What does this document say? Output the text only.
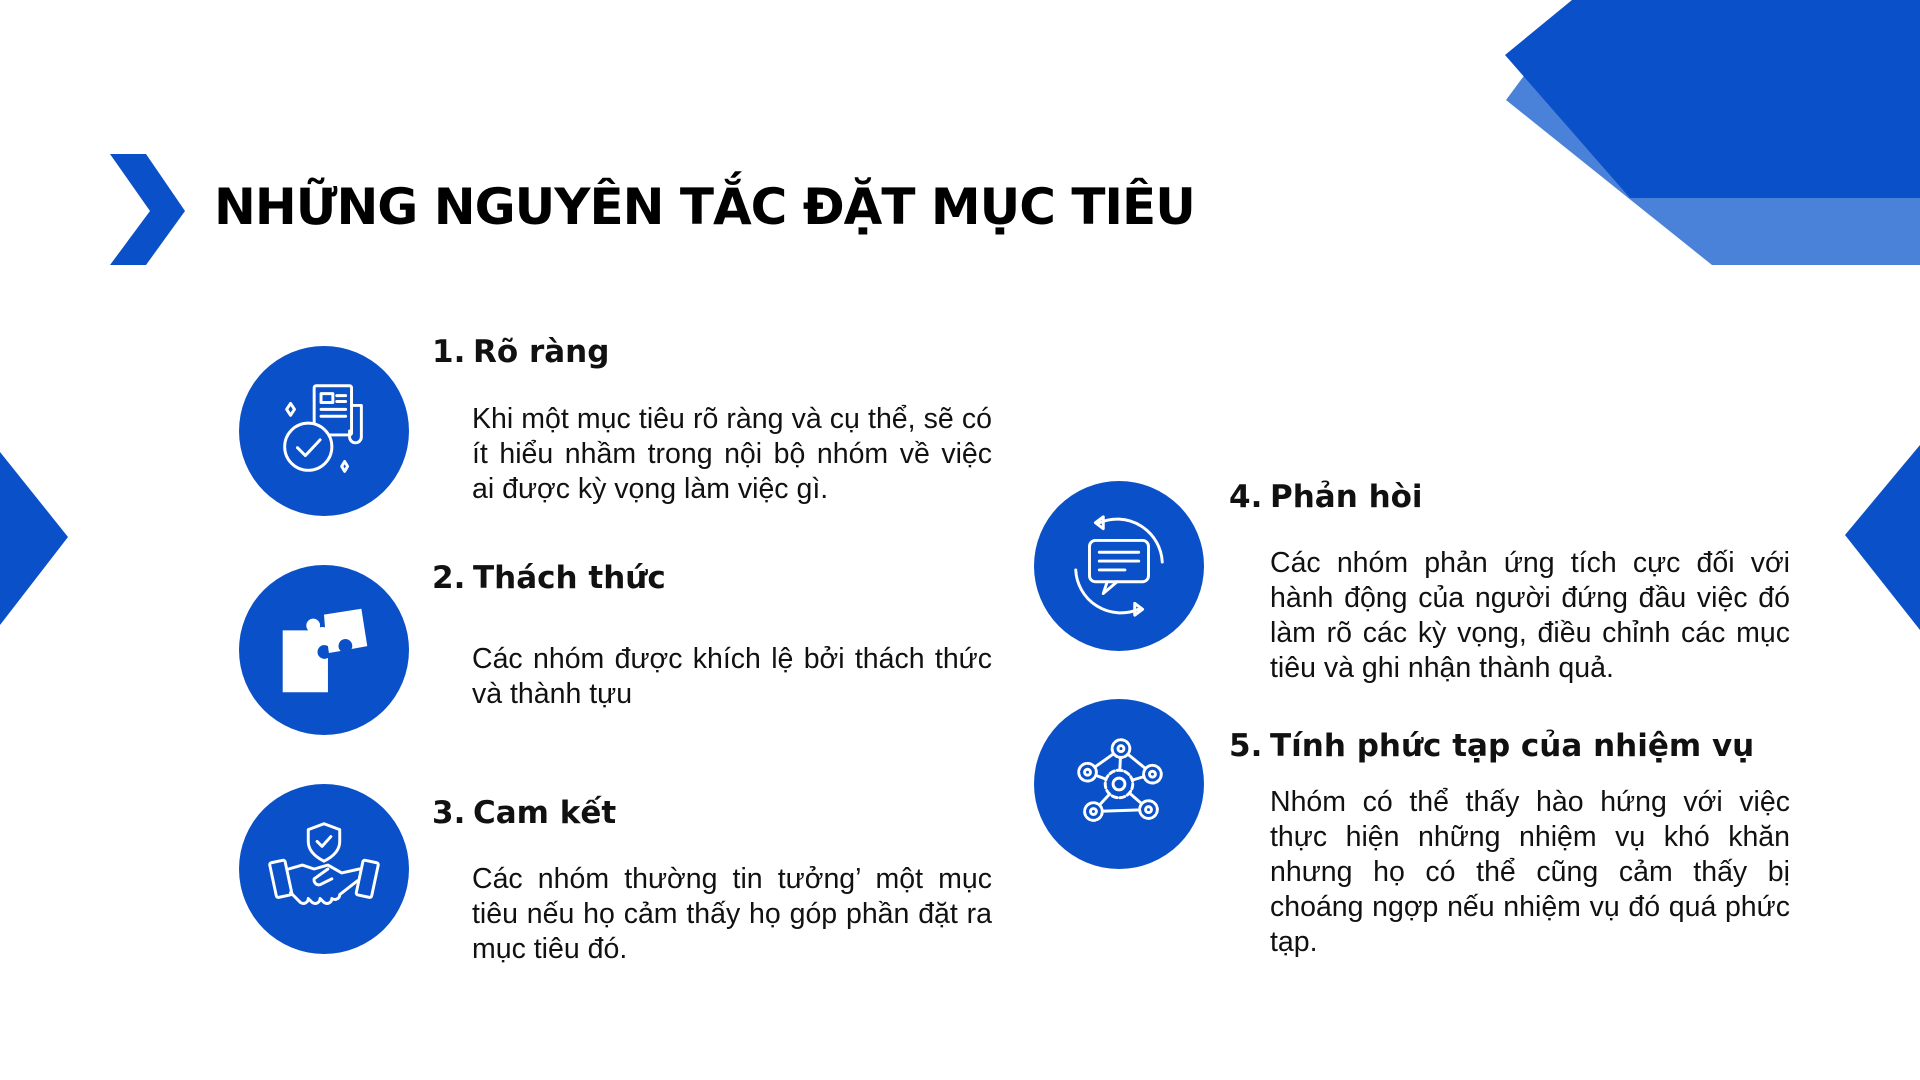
NHỮNG NGUYÊN TẮC ĐẶT MỤC TIÊU
1. Rõ ràng
Khi một mục tiêu rõ ràng và cụ thể, sẽ có ít hiểu nhầm trong nội bộ nhóm về việc ai được kỳ vọng làm việc gì.
2. Thách thức
Các nhóm được khích lệ bởi thách thức và thành tựu
3. Cam kết
Các nhóm thường tin tưởng’ một mục tiêu nếu họ cảm thấy họ góp phần đặt ra mục tiêu đó.
4. Phản hòi
Các nhóm phản ứng tích cực đối với hành động của người đứng đầu việc đó làm rõ các kỳ vọng, điều chỉnh các mục tiêu và ghi nhận thành quả.
5. Tính phức tạp của nhiệm vụ
Nhóm có thể thấy hào hứng với việc thực hiện những nhiệm vụ khó khăn nhưng họ có thể cũng cảm thấy bị choáng ngợp nếu nhiệm vụ đó quá phức tạp.
